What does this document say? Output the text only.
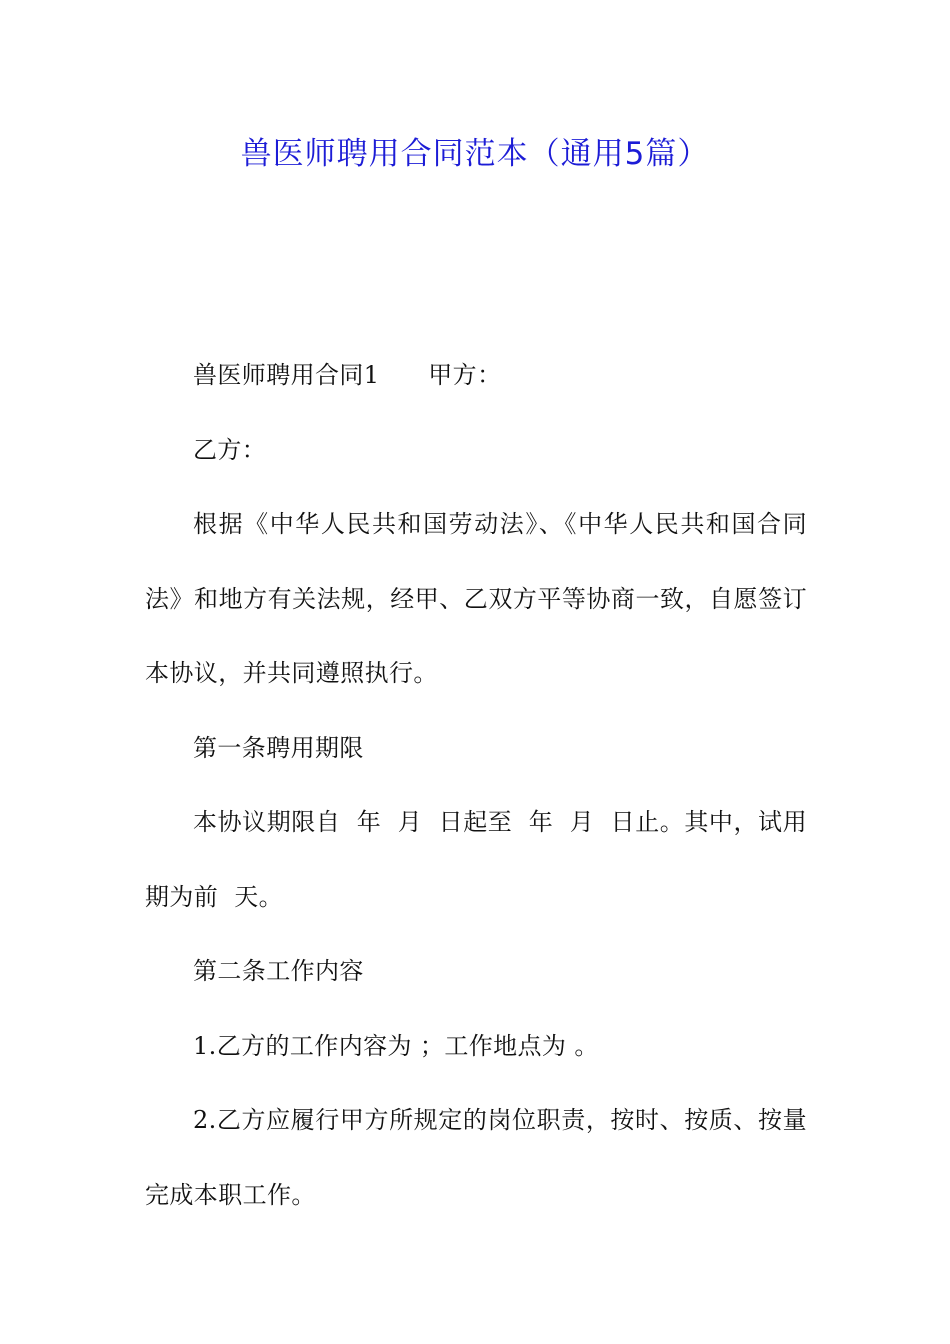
兽医师聘用合同范本（通用5篇）

兽医师聘用合同1　　甲方：

乙方：

根据《中华人民共和国劳动法》、《中华人民共和国合同法》和地方有关法规，经甲、乙双方平等协商一致，自愿签订本协议，并共同遵照执行。

第一条聘用期限

本协议期限自  年  月  日起至  年  月  日止。其中，试用期为前  天。

第二条工作内容

1.乙方的工作内容为 ；工作地点为 。

2.乙方应履行甲方所规定的岗位职责，按时、按质、按量完成本职工作。
